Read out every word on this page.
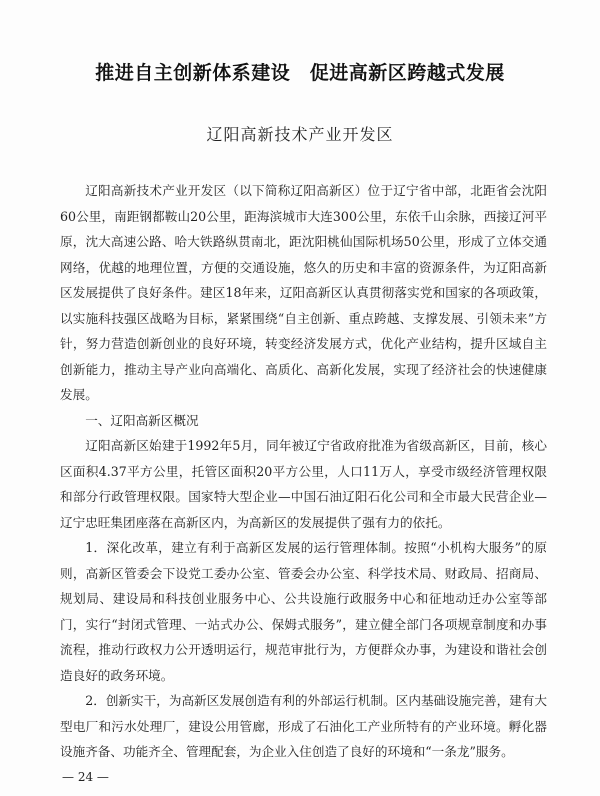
推进自主创新体系建设　促进高新区跨越式发展
辽阳高新技术产业开发区

辽阳高新技术产业开发区（以下简称辽阳高新区）位于辽宁省中部，北距省会沈阳60公里，南距钢都鞍山20公里，距海滨城市大连300公里，东依千山余脉，西接辽河平原，沈大高速公路、哈大铁路纵贯南北，距沈阳桃仙国际机场50公里，形成了立体交通网络，优越的地理位置，方便的交通设施，悠久的历史和丰富的资源条件，为辽阳高新区发展提供了良好条件。建区18年来，辽阳高新区认真贯彻落实党和国家的各项政策，以实施科技强区战略为目标，紧紧围绕“自主创新、重点跨越、支撑发展、引领未来”方针，努力营造创新创业的良好环境，转变经济发展方式，优化产业结构，提升区域自主创新能力，推动主导产业向高端化、高质化、高新化发展，实现了经济社会的快速健康发展。

一、辽阳高新区概况

辽阳高新区始建于1992年5月，同年被辽宁省政府批准为省级高新区，目前，核心区面积4.37平方公里，托管区面积20平方公里，人口11万人，享受市级经济管理权限和部分行政管理权限。国家特大型企业—中国石油辽阳石化公司和全市最大民营企业—辽宁忠旺集团座落在高新区内，为高新区的发展提供了强有力的依托。

1．深化改革，建立有利于高新区发展的运行管理体制。按照“小机构大服务”的原则，高新区管委会下设党工委办公室、管委会办公室、科学技术局、财政局、招商局、规划局、建设局和科技创业服务中心、公共设施行政服务中心和征地动迁办公室等部门，实行“封闭式管理、一站式办公、保姆式服务”，建立健全部门各项规章制度和办事流程，推动行政权力公开透明运行，规范审批行为，方便群众办事，为建设和谐社会创造良好的政务环境。

2．创新实干，为高新区发展创造有利的外部运行机制。区内基础设施完善，建有大型电厂和污水处理厂，建设公用管廊，形成了石油化工产业所特有的产业环境。孵化器设施齐备、功能齐全、管理配套，为企业入住创造了良好的环境和“一条龙”服务。

— 24 —
